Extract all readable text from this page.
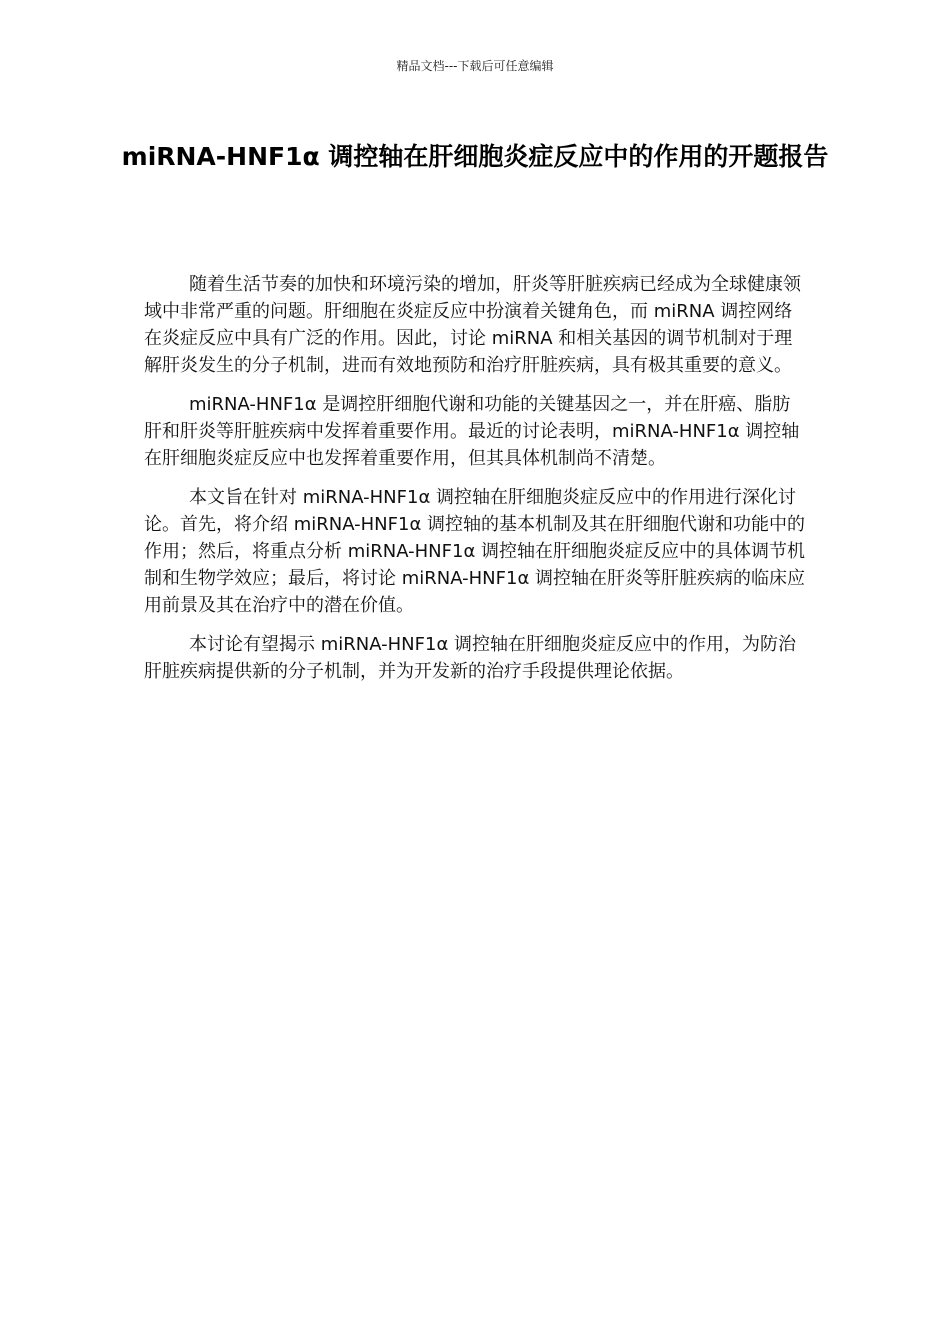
精品文档---下载后可任意编辑
miRNA-HNF1α 调控轴在肝细胞炎症反应中的作用的开题报告

随着生活节奏的加快和环境污染的增加，肝炎等肝脏疾病已经成为全球健康领域中非常严重的问题。肝细胞在炎症反应中扮演着关键角色，而 miRNA 调控网络在炎症反应中具有广泛的作用。因此，讨论 miRNA 和相关基因的调节机制对于理解肝炎发生的分子机制，进而有效地预防和治疗肝脏疾病，具有极其重要的意义。

miRNA-HNF1α 是调控肝细胞代谢和功能的关键基因之一，并在肝癌、脂肪肝和肝炎等肝脏疾病中发挥着重要作用。最近的讨论表明，miRNA-HNF1α 调控轴在肝细胞炎症反应中也发挥着重要作用，但其具体机制尚不清楚。

本文旨在针对 miRNA-HNF1α 调控轴在肝细胞炎症反应中的作用进行深化讨论。首先，将介绍 miRNA-HNF1α 调控轴的基本机制及其在肝细胞代谢和功能中的作用；然后，将重点分析 miRNA-HNF1α 调控轴在肝细胞炎症反应中的具体调节机制和生物学效应；最后，将讨论 miRNA-HNF1α 调控轴在肝炎等肝脏疾病的临床应用前景及其在治疗中的潜在价值。

本讨论有望揭示 miRNA-HNF1α 调控轴在肝细胞炎症反应中的作用，为防治肝脏疾病提供新的分子机制，并为开发新的治疗手段提供理论依据。
